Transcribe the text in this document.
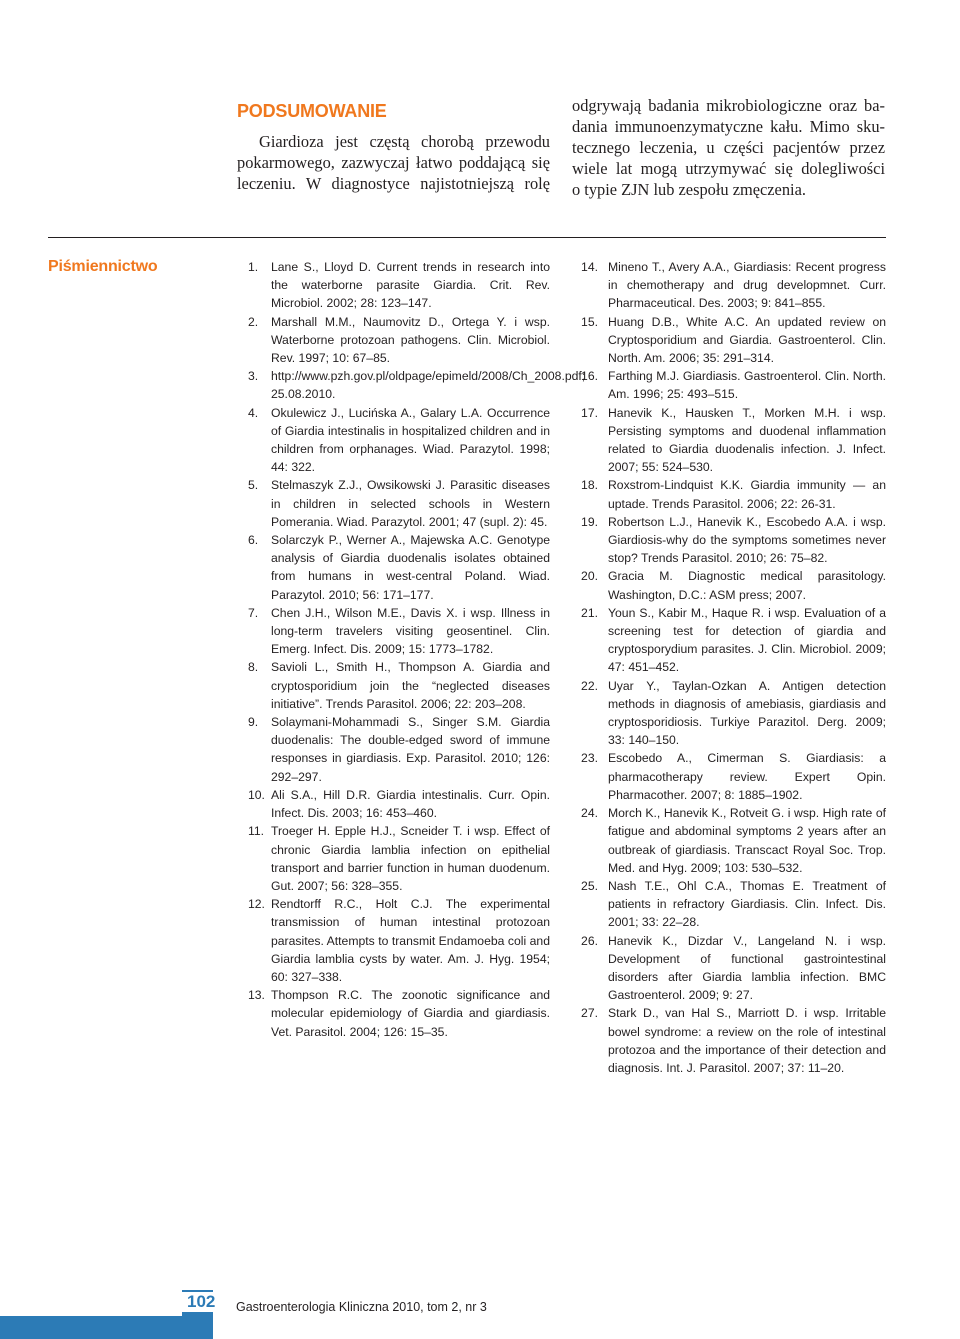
PODSUMOWANIE

Giardioza jest częstą chorobą przewodu
pokarmowego, zazwyczaj łatwo poddającą się
leczeniu. W diagnostyce najistotniejszą rolę

odgrywają badania mikrobiologiczne oraz ba-
dania immunoenzymatyczne kału. Mimo sku-
tecznego leczenia, u części pacjentów przez
wiele lat mogą utrzymywać się dolegliwości
o typie ZJN lub zespołu zmęczenia.

Piśmiennictwo	1. Lane S., Lloyd D. Current trends in research into the waterborne parasite Giardia. Crit. Rev. Microbiol. 2002; 28: 123–147.
2. Marshall M.M., Naumovitz D., Ortega Y. i wsp. Waterborne protozoan pathogens. Clin. Microbiol. Rev. 1997; 10: 67–85.
3. http://www.pzh.gov.pl/oldpage/epimeld/2008/Ch_2008.pdf; 25.08.2010.
4. Okulewicz J., Lucińska A., Galary L.A. Occurrence of Giardia intestinalis in hospitalized children and in children from orphanages. Wiad. Parazytol. 1998; 44: 322.
5. Stelmaszyk Z.J., Owsikowski J. Parasitic diseases in children in selected schools in Western Pomerania. Wiad. Parazytol. 2001; 47 (supl. 2): 45.
6. Solarczyk P., Werner A., Majewska A.C. Genotype analysis of Giardia duodenalis isolates obtained from humans in west-central Poland. Wiad. Parazytol. 2010; 56: 171–177.
7. Chen J.H., Wilson M.E., Davis X. i wsp. Illness in long-term travelers visiting geosentinel. Clin. Emerg. Infect. Dis. 2009; 15: 1773–1782.
8. Savioli L., Smith H., Thompson A. Giardia and cryptosporidium join the “neglected diseases initiative”. Trends Parasitol. 2006; 22: 203–208.
9. Solaymani-Mohammadi S., Singer S.M. Giardia duodenalis: The double-edged sword of immune responses in giardiasis. Exp. Parasitol. 2010; 126: 292–297.
10. Ali S.A., Hill D.R. Giardia intestinalis. Curr. Opin. Infect. Dis. 2003; 16: 453–460.
11. Troeger H. Epple H.J., Scneider T. i wsp. Effect of chronic Giardia lamblia infection on epithelial transport and barrier function in human duodenum. Gut. 2007; 56: 328–355.
12. Rendtorff R.C., Holt C.J. The experimental transmission of human intestinal protozoan parasites. Attempts to transmit Endamoeba coli and Giardia lamblia cysts by water. Am. J. Hyg. 1954; 60: 327–338.
13. Thompson R.C. The zoonotic significance and molecular epidemiology of Giardia and giardiasis. Vet. Parasitol. 2004; 126: 15–35.
14. Mineno T., Avery A.A., Giardiasis: Recent progress in chemotherapy and drug developmnet. Curr. Pharmaceutical. Des. 2003; 9: 841–855.
15. Huang D.B., White A.C. An updated review on Cryptosporidium and Giardia. Gastroenterol. Clin. North. Am. 2006; 35: 291–314.
16. Farthing M.J. Giardiasis. Gastroenterol. Clin. North. Am. 1996; 25: 493–515.
17. Hanevik K., Hausken T., Morken M.H. i wsp. Persisting symptoms and duodenal inflammation related to Giardia duodenalis infection. J. Infect. 2007; 55: 524–530.
18. Roxstrom-Lindquist K.K. Giardia immunity — an uptade. Trends Parasitol. 2006; 22: 26-31.
19. Robertson L.J., Hanevik K., Escobedo A.A. i wsp. Giardiosis-why do the symptoms sometimes never stop? Trends Parasitol. 2010; 26: 75–82.
20. Gracia M. Diagnostic medical parasitology. Washington, D.C.: ASM press; 2007.
21. Youn S., Kabir M., Haque R. i wsp. Evaluation of a screening test for detection of giardia and cryptosporydium parasites. J. Clin. Microbiol. 2009; 47: 451–452.
22. Uyar Y., Taylan-Ozkan A. Antigen detection methods in diagnosis of amebiasis, giardiasis and cryptosporidiosis. Turkiye Parazitol. Derg. 2009; 33: 140–150.
23. Escobedo A., Cimerman S. Giardiasis: a pharmacotherapy review. Expert Opin. Pharmacother. 2007; 8: 1885–1902.
24. Morch K., Hanevik K., Rotveit G. i wsp. High rate of fatigue and abdominal symptoms 2 years after an outbreak of giardiasis. Transcact Royal Soc. Trop. Med. and Hyg. 2009; 103: 530–532.
25. Nash T.E., Ohl C.A., Thomas E. Treatment of patients in refractory Giardiasis. Clin. Infect. Dis. 2001; 33: 22–28.
26. Hanevik K., Dizdar V., Langeland N. i wsp. Development of functional gastrointestinal disorders after Giardia lamblia infection. BMC Gastroenterol. 2009; 9: 27.
27. Stark D., van Hal S., Marriott D. i wsp. Irritable bowel syndrome: a review on the role of intestinal protozoa and the importance of their detection and diagnosis. Int. J. Parasitol. 2007; 37: 11–20.
102	Gastroenterologia Kliniczna 2010, tom 2, nr 3
